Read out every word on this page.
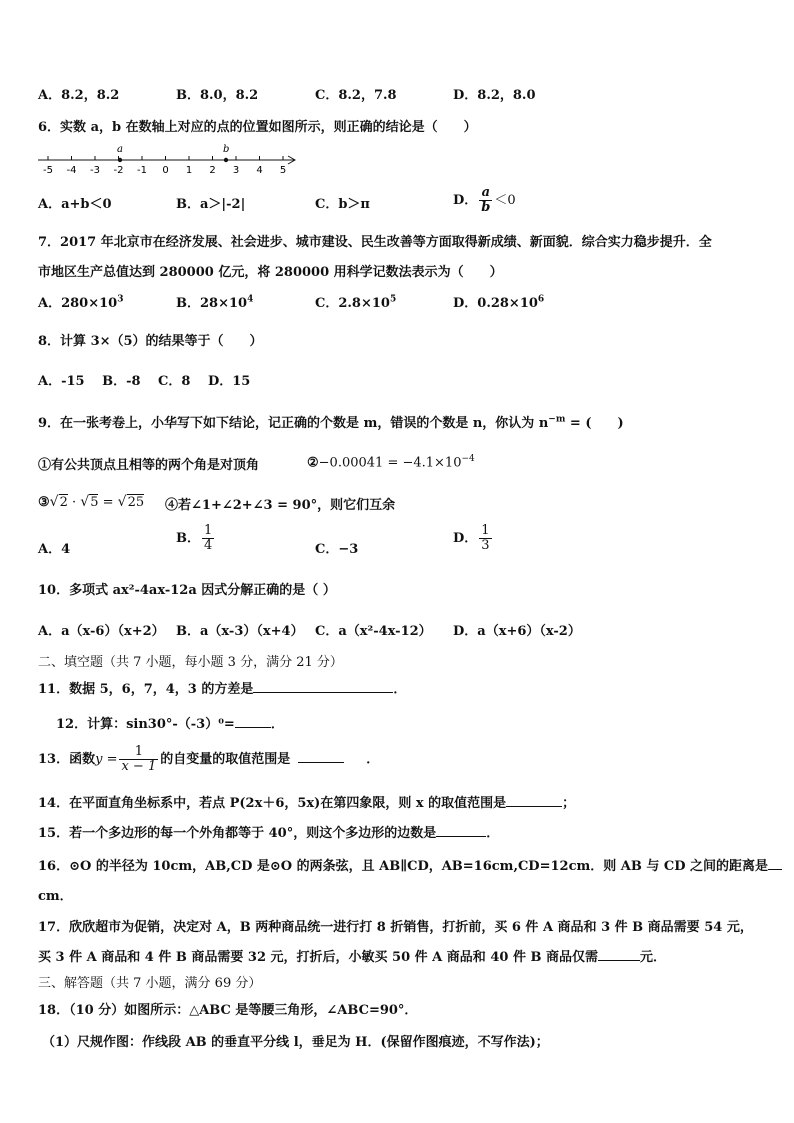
A．8.2，8.2	B．8.0，8.2	C．8.2，7.8	D．8.2，8.0
6．实数 a，b 在数轴上对应的点的位置如图所示，则正确的结论是（　　）
-5 -4 -3 -2 -1 0 1 2 3 4 5
a	b
A．a+b＜0	B．a＞|-2|	C．b＞π	D． $\frac{a}{b} <0$
7．2017 年北京市在经济发展、社会进步、城市建设、民生改善等方面取得新成绩、新面貌．综合实力稳步提升．全
市地区生产总值达到 280000 亿元，将 280000 用科学记数法表示为（　　）
A．$280\times 10^3$	B．$28\times 10^4$	C．$2.8\times 10^5$	D．$0.28\times 10^6$
8．计算 3×（5）的结果等于（　　）
A．-15　 B．-8　 C．8　 D．15
9．在一张考卷上，小华写下如下结论，记正确的个数是 m，错误的个数是 n，你认为 $n^{-m}$ = (　　)
①有公共顶点且相等的两个角是对顶角	②−0.00041 = $-4.1\times 10^{-4}$
③√2 · √5 = √25 ④若∠1+∠2+∠3 = 90°，则它们互余
A．4
B． $\frac{1}{4}$	C．−3
D． $\frac{1}{3}$
10．多项式 ax²-4ax-12a 因式分解正确的是（ ）
A．a（x-6）（x+2） B．a（x-3）（x+4） C．a（x²-4x-12） D．a（x+6）（x-2）
二、填空题（共 7 小题，每小题 3 分，满分 21 分）
11．数据 5，6，7，4，3 的方差是	．
12．计算：sin30°-（-3）⁰=	．
13．函数$y = \frac{1}{x - 1}$ 的自变量的取值范围是	．
14．在平面直角坐标系中，若点 P(2x＋6，5x)在第四象限，则 x 的取值范围是	；
15．若一个多边形的每一个外角都等于 40°，则这个多边形的边数是	．
16．⊙O 的半径为 10cm，AB,CD 是⊙O 的两条弦，且 AB∥CD，AB=16cm,CD=12cm．则 AB 与 CD 之间的距离是
cm．
17．欣欣超市为促销，决定对 A，B 两种商品统一进行打 8 折销售，打折前，买 6 件 A 商品和 3 件 B 商品需要 54 元，
买 3 件 A 商品和 4 件 B 商品需要 32 元，打折后，小敏买 50 件 A 商品和 40 件 B 商品仅需	元．
三、解答题（共 7 小题，满分 69 分）
18．（10 分）如图所示：△ABC 是等腰三角形，∠ABC=90°．
（1）尺规作图：作线段 AB 的垂直平分线 l，垂足为 H．(保留作图痕迹，不写作法)；
